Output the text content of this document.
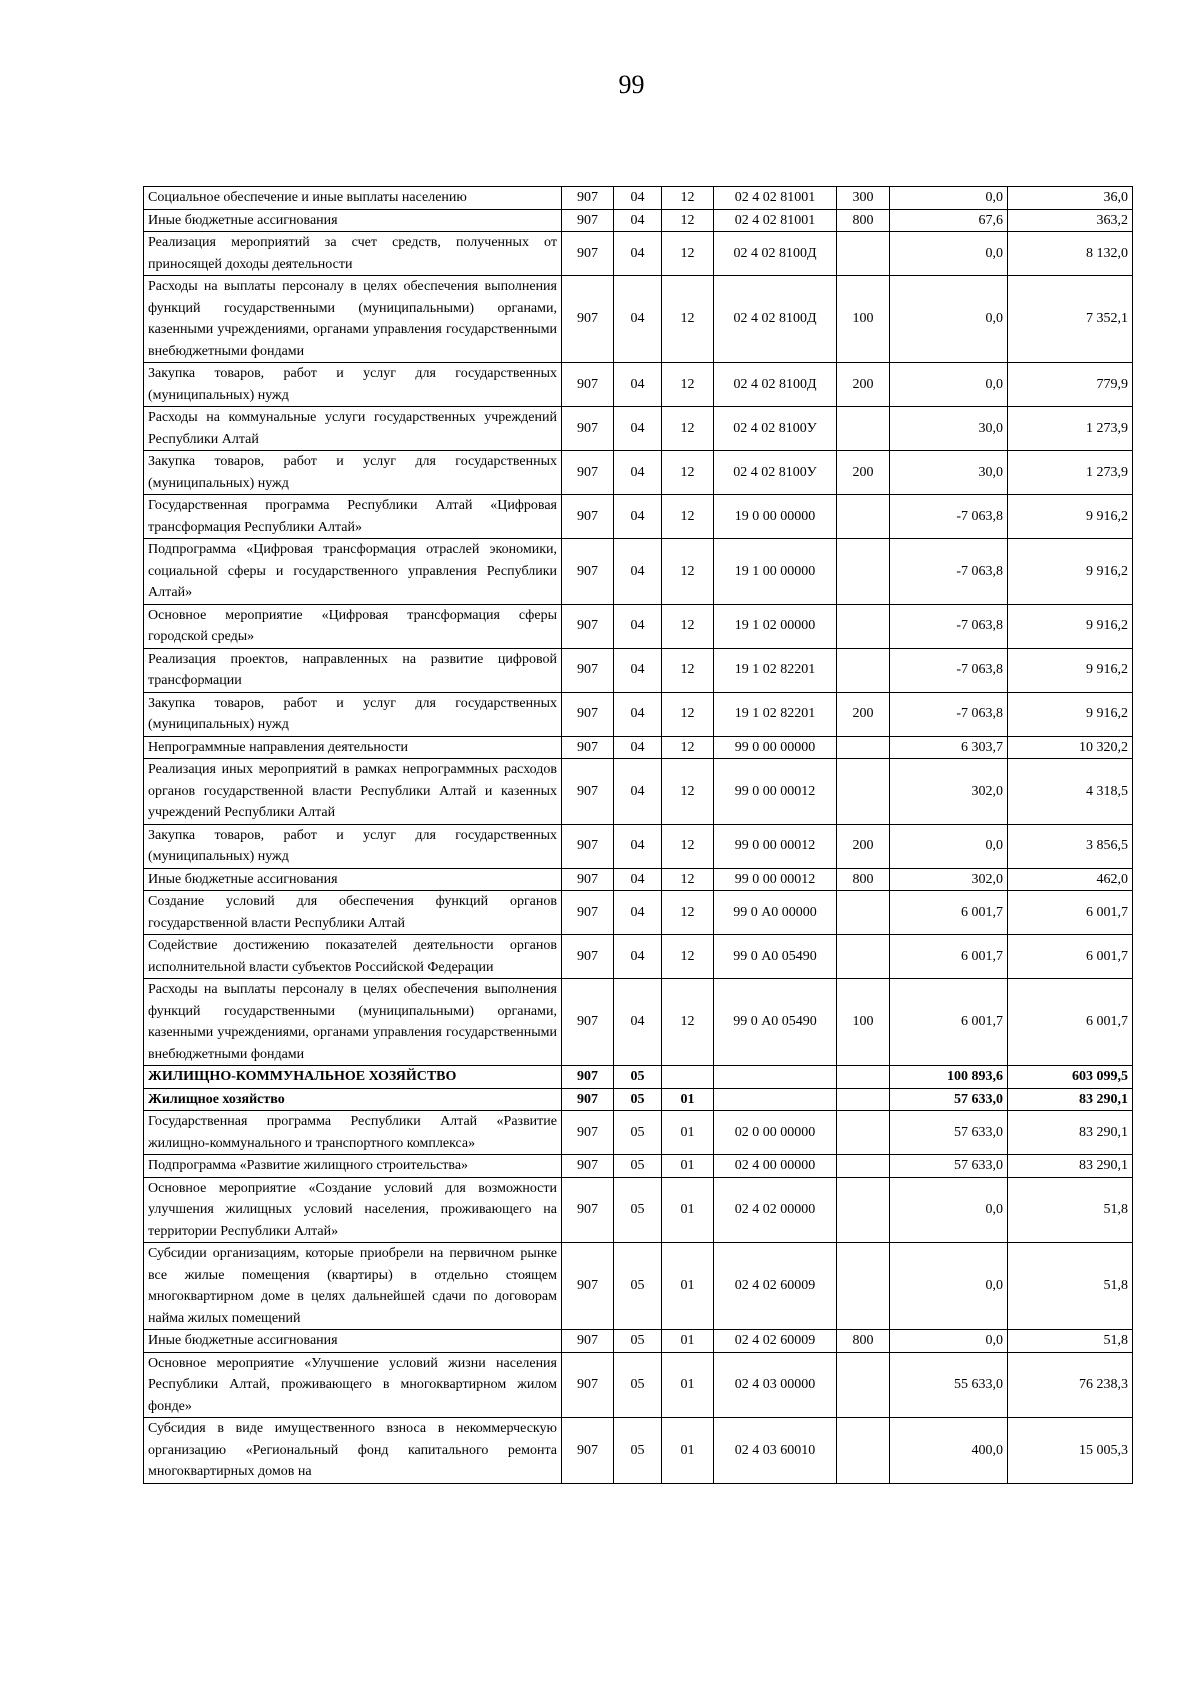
99
Социальное обеспечение и иные выплаты населению	907	04	12	02 4 02 81001	300	0,0	36,0
Иные бюджетные ассигнования	907	04	12	02 4 02 81001	800	67,6	363,2
Реализация мероприятий за счет средств, полученных от приносящей доходы деятельности	907	04	12	02 4 02 8100Д		0,0	8 132,0
Расходы на выплаты персоналу в целях обеспечения выполнения функций государственными (муниципальными) органами, казенными учреждениями, органами управления государственными внебюджетными фондами	907	04	12	02 4 02 8100Д	100	0,0	7 352,1
Закупка товаров, работ и услуг для государственных (муниципальных) нужд	907	04	12	02 4 02 8100Д	200	0,0	779,9
Расходы на коммунальные услуги государственных учреждений Республики Алтай	907	04	12	02 4 02 8100У		30,0	1 273,9
Закупка товаров, работ и услуг для государственных (муниципальных) нужд	907	04	12	02 4 02 8100У	200	30,0	1 273,9
Государственная программа Республики Алтай «Цифровая трансформация Республики Алтай»	907	04	12	19 0 00 00000		-7 063,8	9 916,2
Подпрограмма «Цифровая трансформация отраслей экономики, социальной сферы и государственного управления Республики Алтай»	907	04	12	19 1 00 00000		-7 063,8	9 916,2
Основное мероприятие «Цифровая трансформация сферы городской среды»	907	04	12	19 1 02 00000		-7 063,8	9 916,2
Реализация проектов, направленных на развитие цифровой трансформации	907	04	12	19 1 02 82201		-7 063,8	9 916,2
Закупка товаров, работ и услуг для государственных (муниципальных) нужд	907	04	12	19 1 02 82201	200	-7 063,8	9 916,2
Непрограммные направления деятельности	907	04	12	99 0 00 00000		6 303,7	10 320,2
Реализация иных мероприятий в рамках непрограммных расходов органов государственной власти Республики Алтай и казенных учреждений Республики Алтай	907	04	12	99 0 00 00012		302,0	4 318,5
Закупка товаров, работ и услуг для государственных (муниципальных) нужд	907	04	12	99 0 00 00012	200	0,0	3 856,5
Иные бюджетные ассигнования	907	04	12	99 0 00 00012	800	302,0	462,0
Создание условий для обеспечения функций органов государственной власти Республики Алтай	907	04	12	99 0 А0 00000		6 001,7	6 001,7
Содействие достижению показателей деятельности органов исполнительной власти субъектов Российской Федерации	907	04	12	99 0 А0 05490		6 001,7	6 001,7
Расходы на выплаты персоналу в целях обеспечения выполнения функций государственными (муниципальными) органами, казенными учреждениями, органами управления государственными внебюджетными фондами	907	04	12	99 0 А0 05490	100	6 001,7	6 001,7
ЖИЛИЩНО-КОММУНАЛЬНОЕ ХОЗЯЙСТВО	907	05				100 893,6	603 099,5
Жилищное хозяйство	907	05	01			57 633,0	83 290,1
Государственная программа Республики Алтай «Развитие жилищно-коммунального и транспортного комплекса»	907	05	01	02 0 00 00000		57 633,0	83 290,1
Подпрограмма «Развитие жилищного строительства»	907	05	01	02 4 00 00000		57 633,0	83 290,1
Основное мероприятие «Создание условий для возможности улучшения жилищных условий населения, проживающего на территории Республики Алтай»	907	05	01	02 4 02 00000		0,0	51,8
Субсидии организациям, которые приобрели на первичном рынке все жилые помещения (квартиры) в отдельно стоящем многоквартирном доме в целях дальнейшей сдачи по договорам найма жилых помещений	907	05	01	02 4 02 60009		0,0	51,8
Иные бюджетные ассигнования	907	05	01	02 4 02 60009	800	0,0	51,8
Основное мероприятие «Улучшение условий жизни населения Республики Алтай, проживающего в многоквартирном жилом фонде»	907	05	01	02 4 03 00000		55 633,0	76 238,3
Субсидия в виде имущественного взноса в некоммерческую организацию «Региональный фонд капитального ремонта многоквартирных домов на	907	05	01	02 4 03 60010		400,0	15 005,3
